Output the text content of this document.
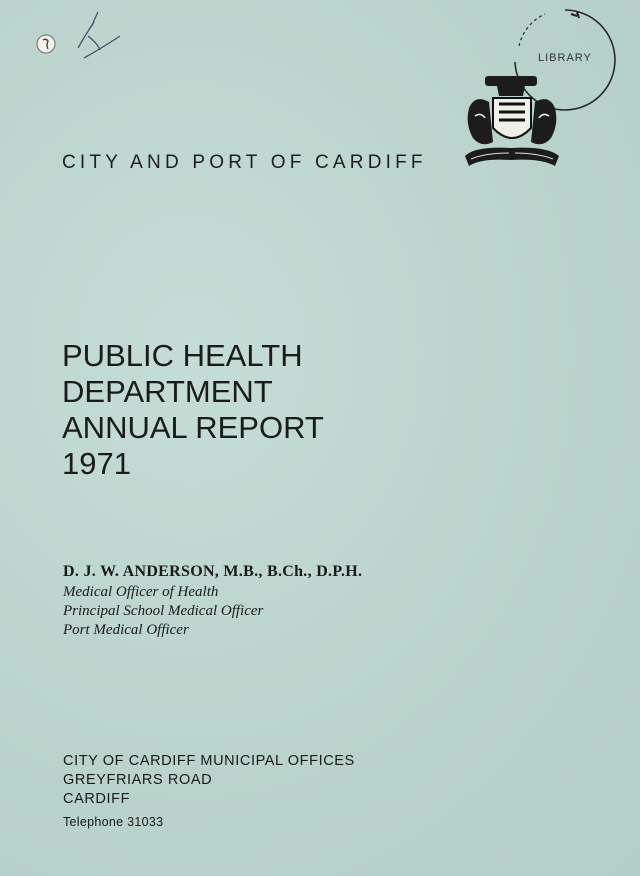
LIBRARY
CITY AND PORT OF CARDIFF
PUBLIC HEALTH
DEPARTMENT
ANNUAL REPORT
1971
D. J. W. ANDERSON, M.B., B.Ch., D.P.H.
Medical Officer of Health
Principal School Medical Officer
Port Medical Officer
CITY OF CARDIFF MUNICIPAL OFFICES
GREYFRIARS ROAD
CARDIFF
Telephone 31033
